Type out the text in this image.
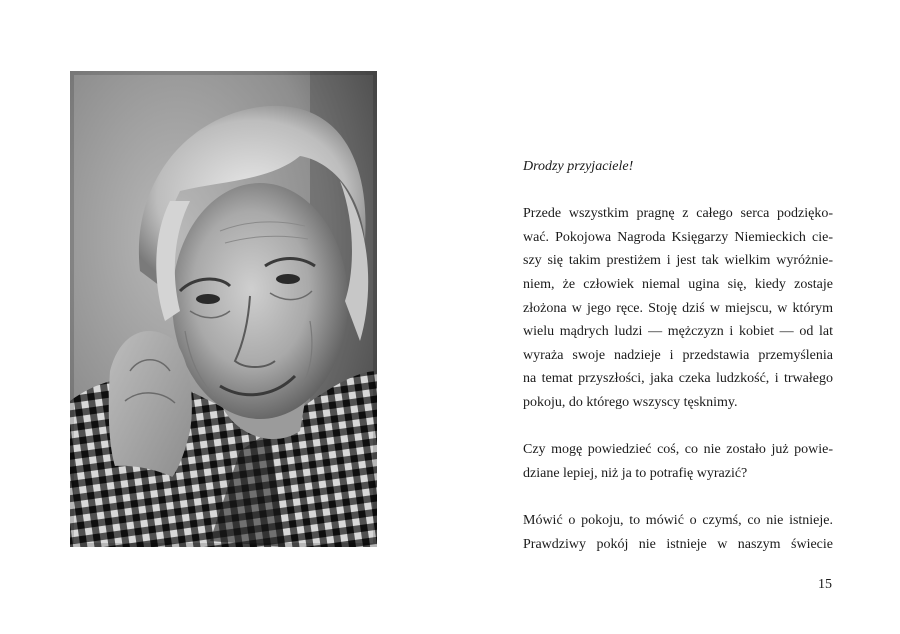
Drodzy przyjaciele!
Przede wszystkim pragnę z całego serca podzięko-
wać. Pokojowa Nagroda Księgarzy Niemieckich cie-
szy się takim prestiżem i jest tak wielkim wyróżnie-
niem, że człowiek niemal ugina się, kiedy zostaje
złożona w jego ręce. Stoję dziś w miejscu, w którym
wielu mądrych ludzi — mężczyzn i kobiet — od lat
wyraża swoje nadzieje i przedstawia przemyślenia
na temat przyszłości, jaka czeka ludzkość, i trwałego
pokoju, do którego wszyscy tęsknimy.
Czy mogę powiedzieć coś, co nie zostało już powie-
dziane lepiej, niż ja to potrafię wyrazić?
Mówić o pokoju, to mówić o czymś, co nie istnieje.
Prawdziwy pokój nie istnieje w naszym świecie
15
